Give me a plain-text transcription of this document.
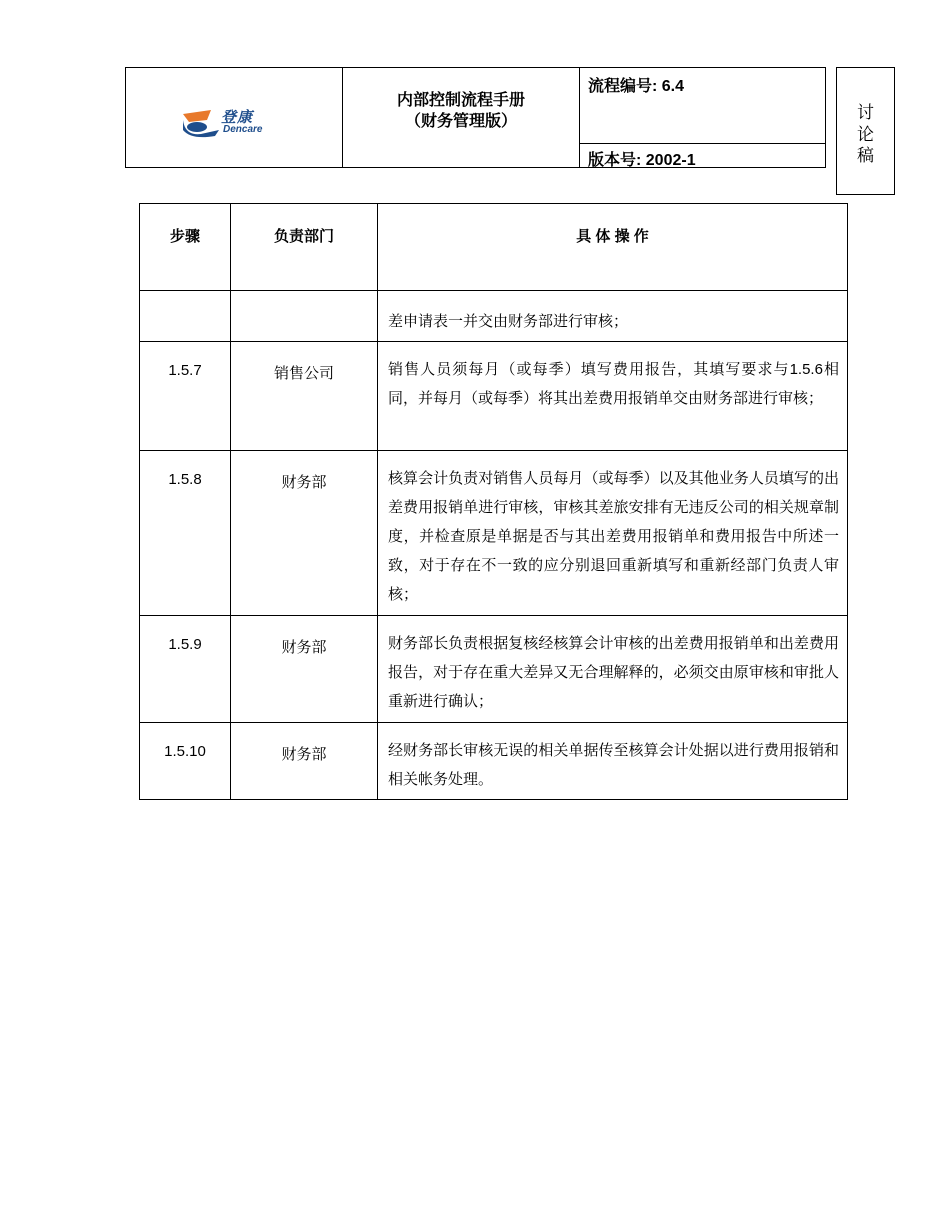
登康
Dencare
内部控制流程手册
（财务管理版）
流程编号: 6.4
版本号: 2002-1
讨
论
稿
步骤	负责部门	具 体 操 作
		差申请表一并交由财务部进行审核；
1.5.7	销售公司	销售人员须每月（或每季）填写费用报告，其填写要求与1.5.6相同，并每月（或每季）将其出差费用报销单交由财务部进行审核；
1.5.8	财务部	核算会计负责对销售人员每月（或每季）以及其他业务人员填写的出差费用报销单进行审核，审核其差旅安排有无违反公司的相关规章制度，并检查原是单据是否与其出差费用报销单和费用报告中所述一致，对于存在不一致的应分别退回重新填写和重新经部门负责人审核；
1.5.9	财务部	财务部长负责根据复核经核算会计审核的出差费用报销单和出差费用报告，对于存在重大差异又无合理解释的，必须交由原审核和审批人重新进行确认；
1.5.10	财务部	经财务部长审核无误的相关单据传至核算会计处据以进行费用报销和相关帐务处理。
